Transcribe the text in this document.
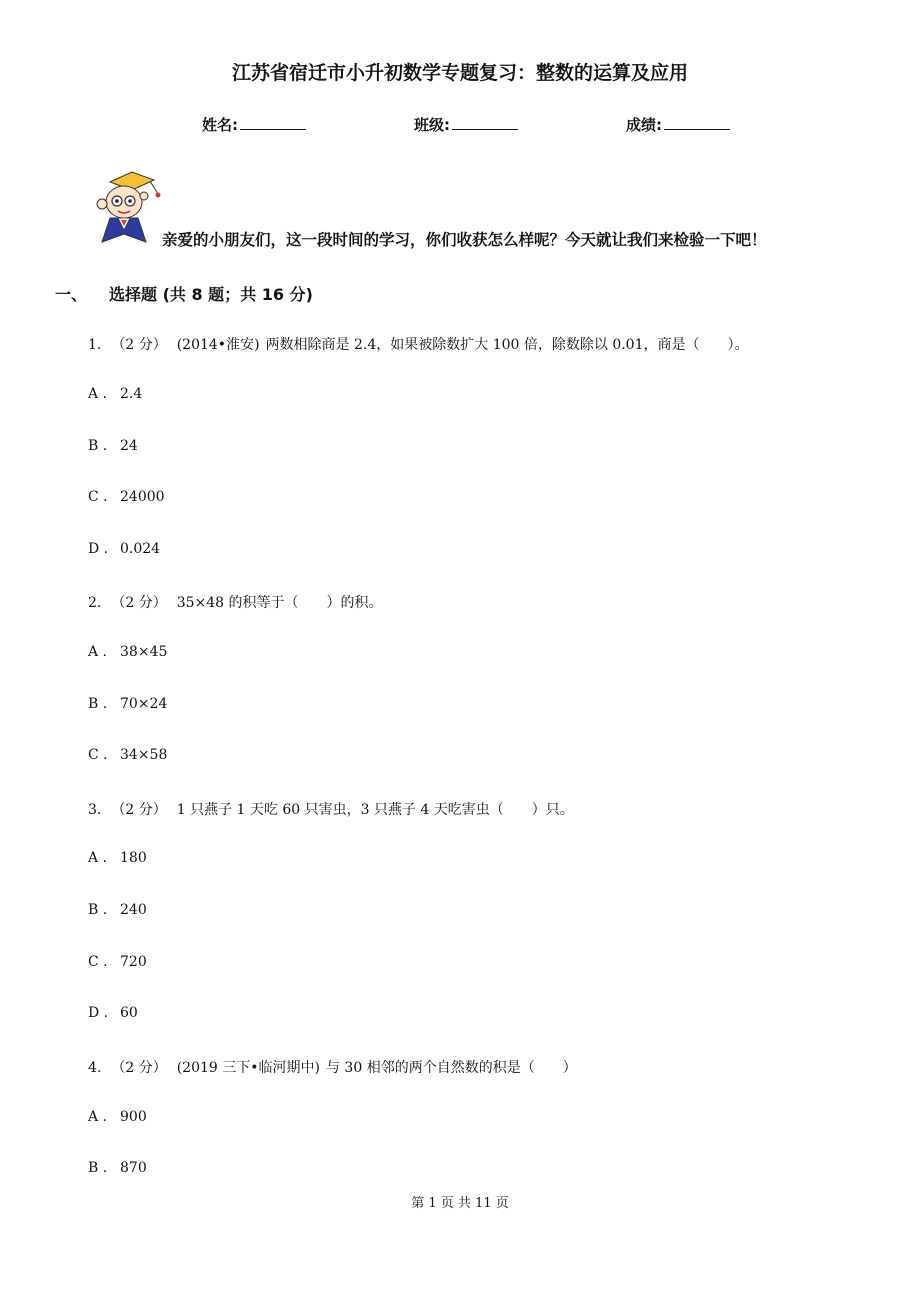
江苏省宿迁市小升初数学专题复习：整数的运算及应用
姓名:	班级:	成绩:
亲爱的小朋友们，这一段时间的学习，你们收获怎么样呢？今天就让我们来检验一下吧！
一、 选择题 (共 8 题；共 16 分)
1. （2 分） (2014•淮安) 两数相除商是 2.4，如果被除数扩大 100 倍，除数除以 0.01，商是（　　）。
A . 2.4
B . 24
C . 24000
D . 0.024
2. （2 分） 35×48 的积等于（　　）的积。
A . 38×45
B . 70×24
C . 34×58
3. （2 分） 1 只燕子 1 天吃 60 只害虫，3 只燕子 4 天吃害虫（　　）只。
A . 180
B . 240
C . 720
D . 60
4. （2 分） (2019 三下•临河期中) 与 30 相邻的两个自然数的积是（　　）
A . 900
B . 870
第 1 页 共 11 页
